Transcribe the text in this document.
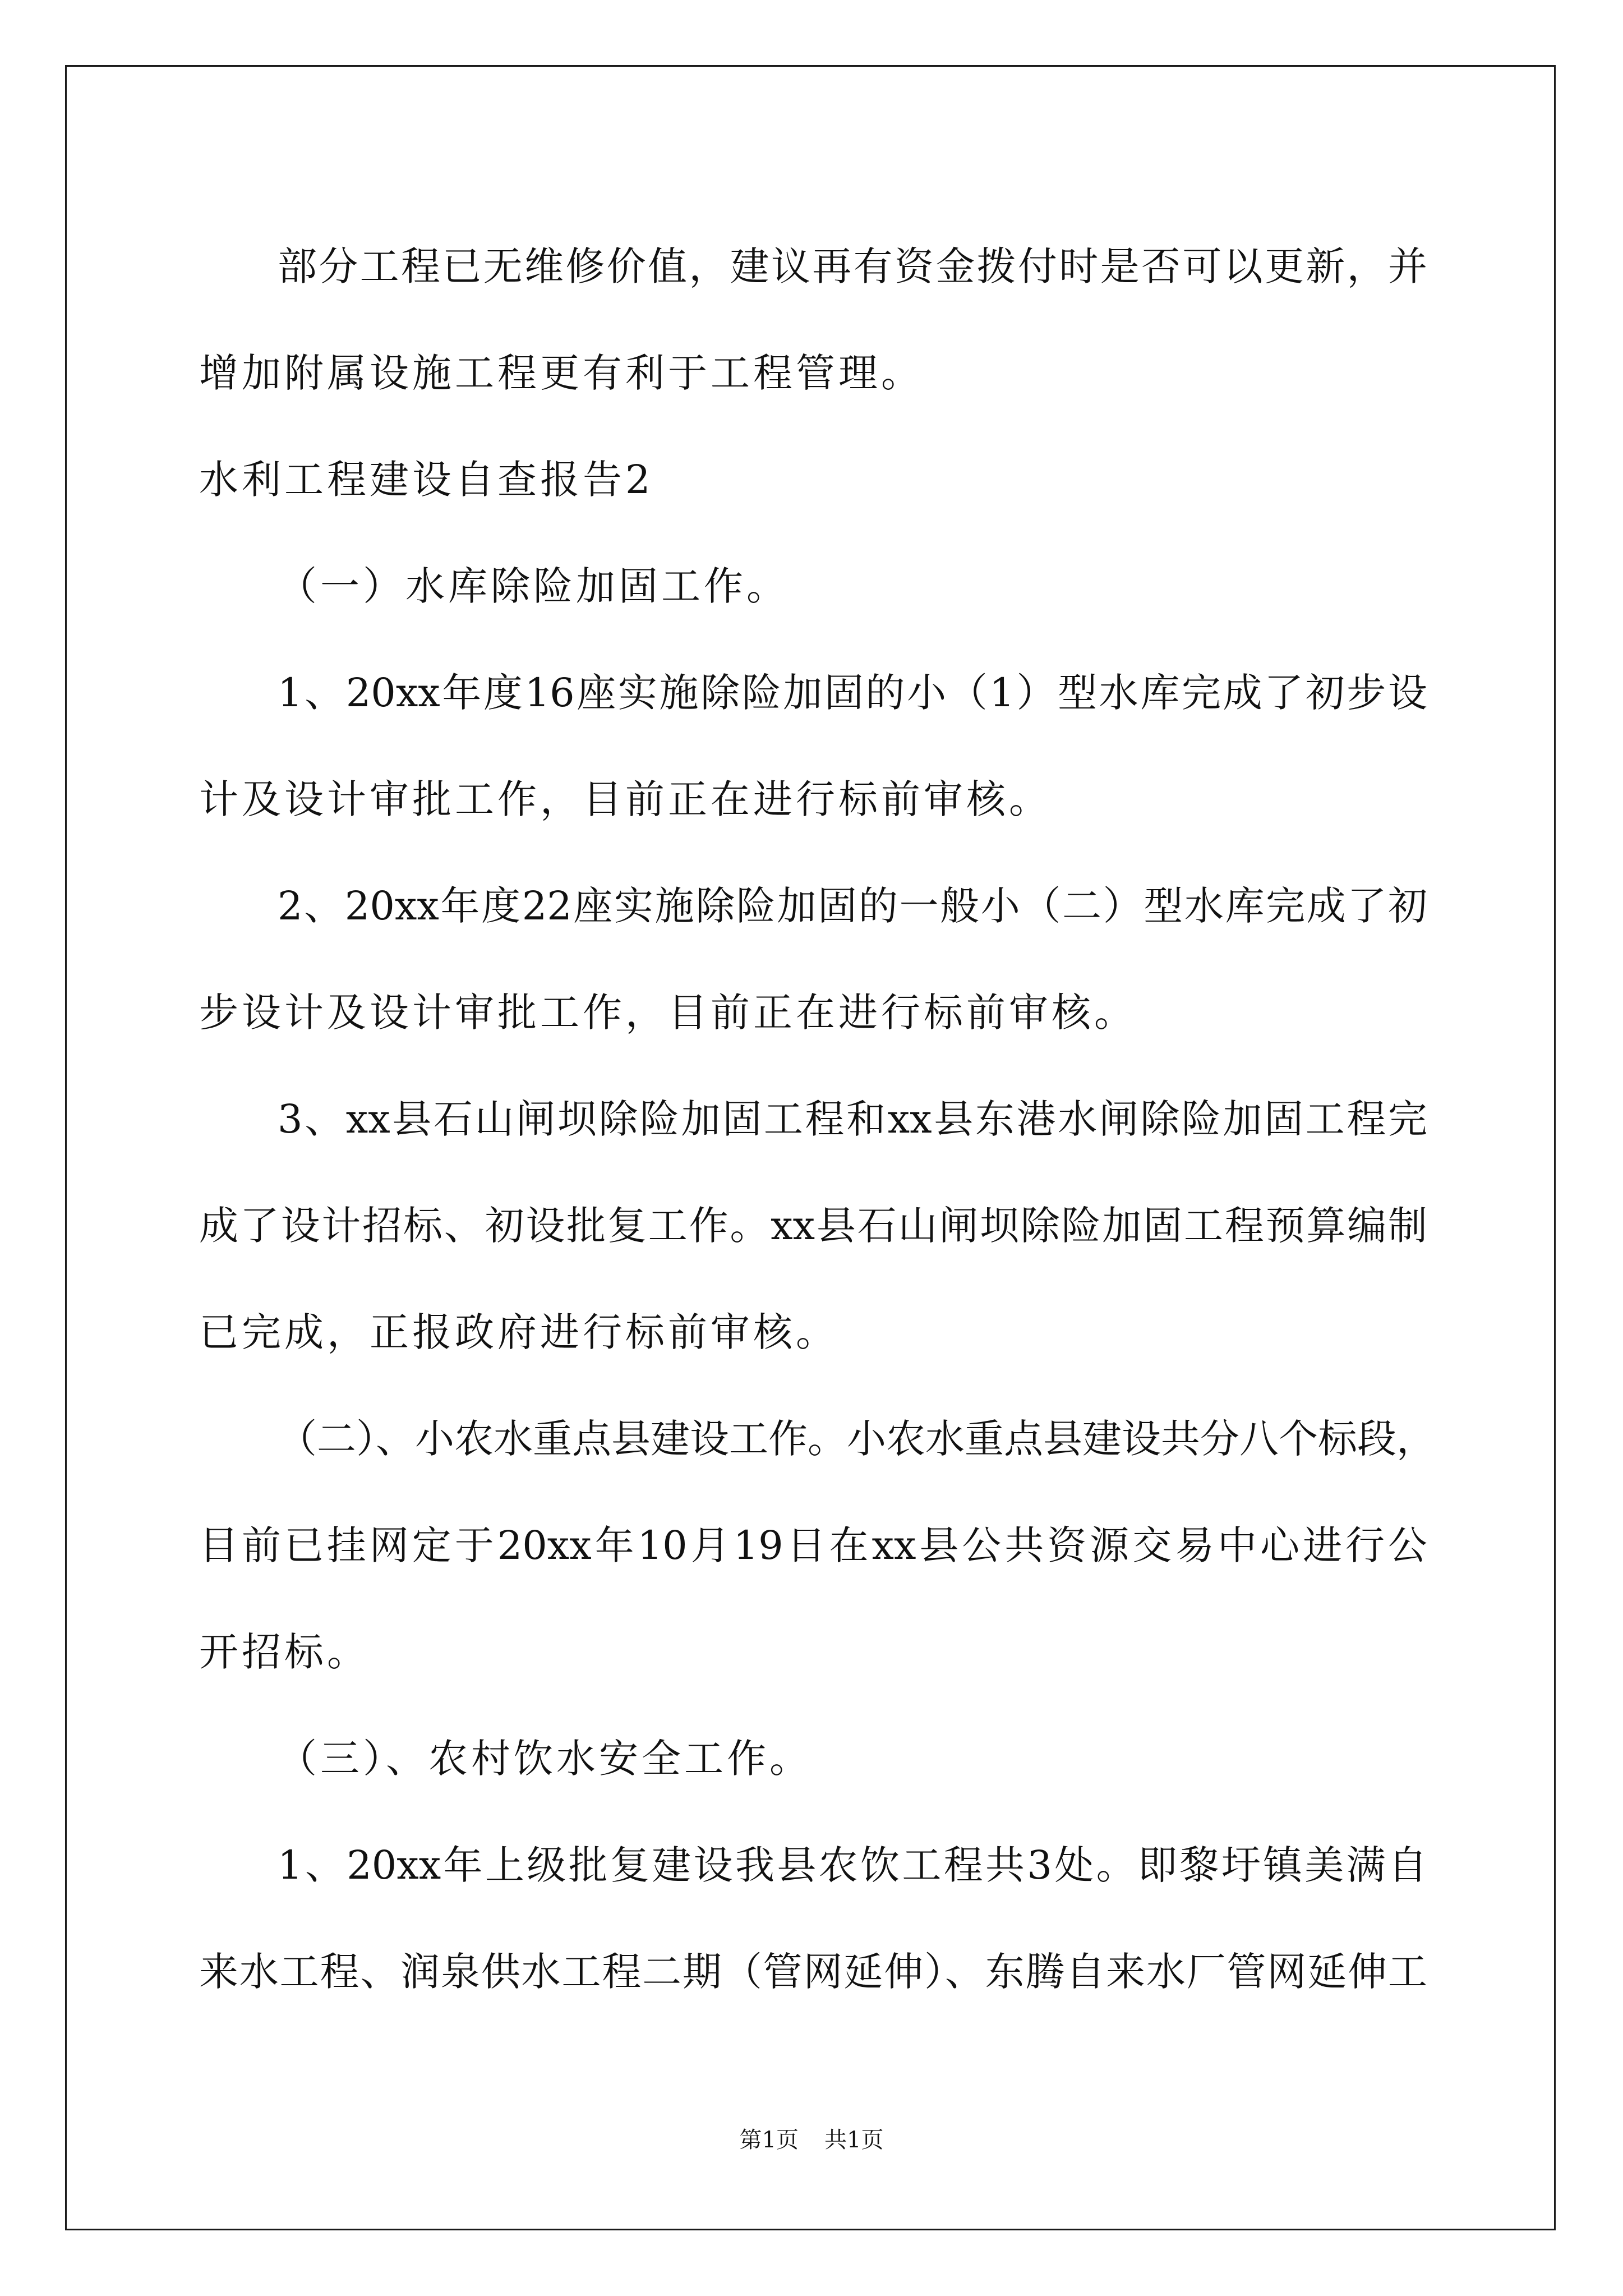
部分工程已无维修价值，建议再有资金拨付时是否可以更新，并
增加附属设施工程更有利于工程管理。
水利工程建设自查报告2
（一）水库除险加固工作。
1、20xx年度16座实施除险加固的小（1）型水库完成了初步设
计及设计审批工作，目前正在进行标前审核。
2、20xx年度22座实施除险加固的一般小（二）型水库完成了初
步设计及设计审批工作，目前正在进行标前审核。
3、xx县石山闸坝除险加固工程和xx县东港水闸除险加固工程完
成了设计招标、初设批复工作。xx县石山闸坝除险加固工程预算编制
已完成，正报政府进行标前审核。
（二）、小农水重点县建设工作。小农水重点县建设共分八个标段，
目前已挂网定于20xx年10月19日在xx县公共资源交易中心进行公
开招标。
（三）、农村饮水安全工作。
1、20xx年上级批复建设我县农饮工程共3处。即黎圩镇美满自
来水工程、润泉供水工程二期（管网延伸）、东腾自来水厂管网延伸工
第1页 共1页
